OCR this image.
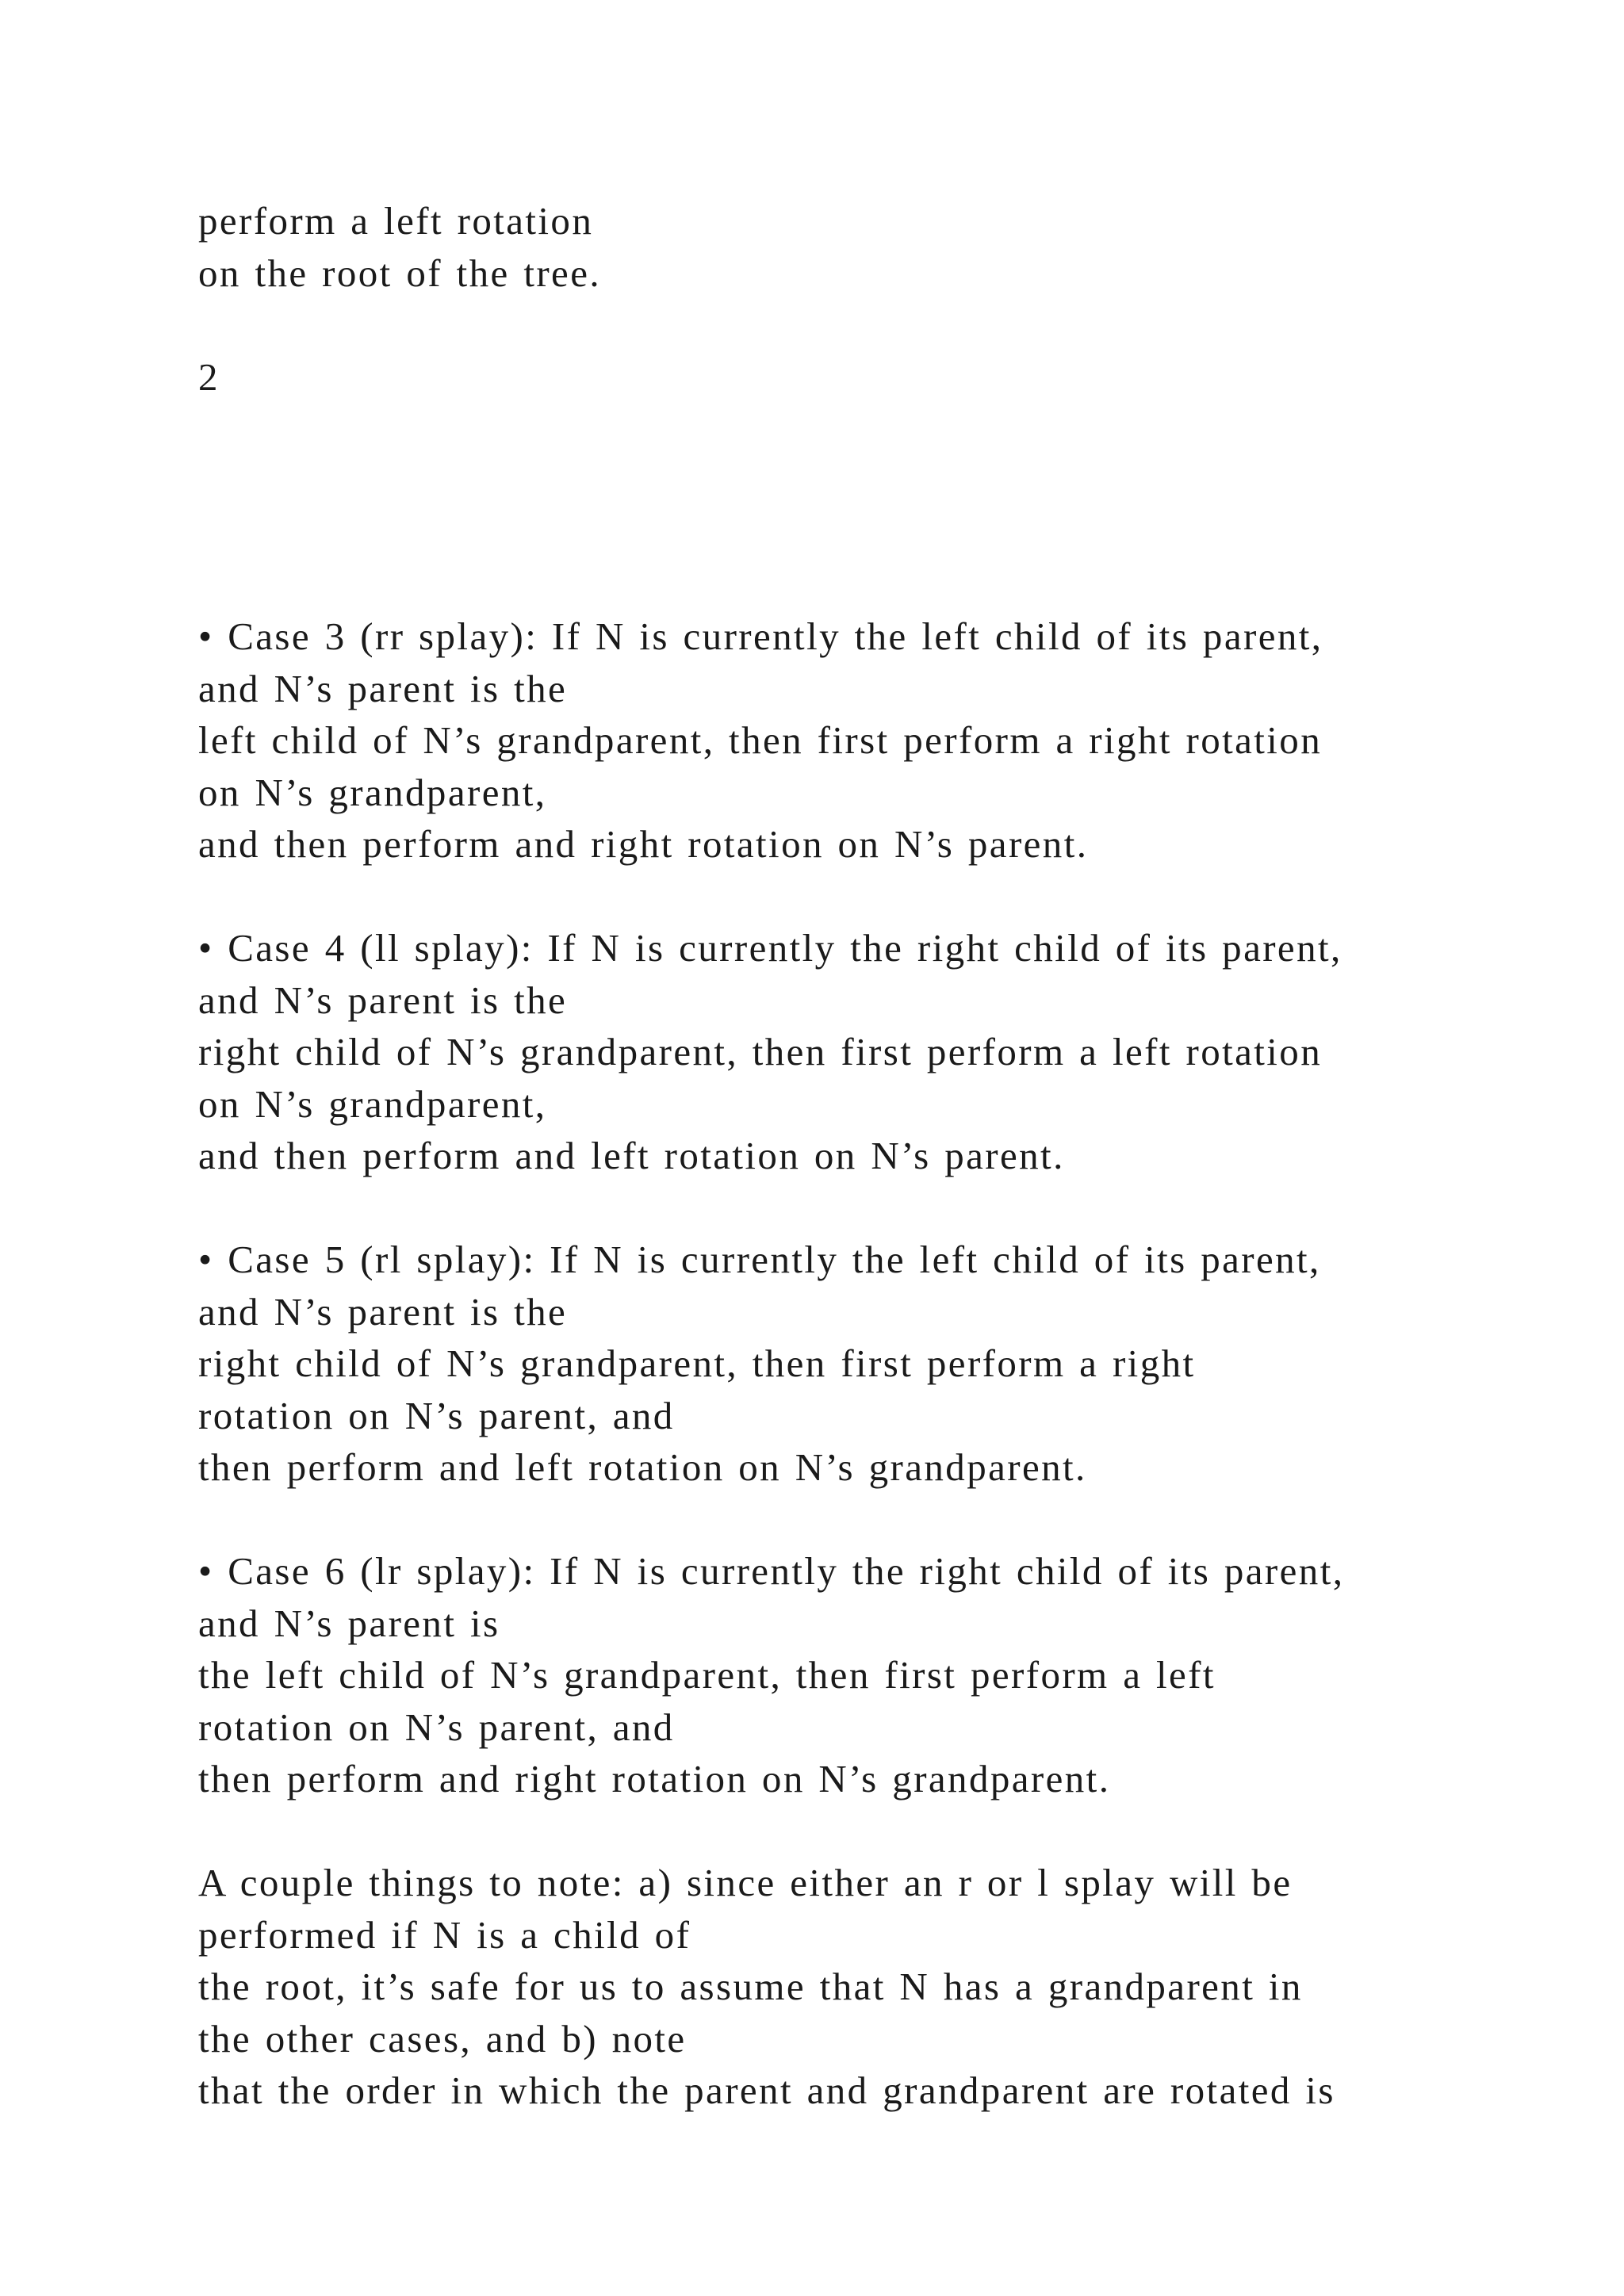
perform a left rotation
on the root of the tree.
2
• Case 3 (rr splay): If N is currently the left child of its parent,
and N’s parent is the
left child of N’s grandparent, then first perform a right rotation
on N’s grandparent,
and then perform and right rotation on N’s parent.
• Case 4 (ll splay): If N is currently the right child of its parent,
and N’s parent is the
right child of N’s grandparent, then first perform a left rotation
on N’s grandparent,
and then perform and left rotation on N’s parent.
• Case 5 (rl splay): If N is currently the left child of its parent,
and N’s parent is the
right child of N’s grandparent, then first perform a right
rotation on N’s parent, and
then perform and left rotation on N’s grandparent.
• Case 6 (lr splay): If N is currently the right child of its parent,
and N’s parent is
the left child of N’s grandparent, then first perform a left
rotation on N’s parent, and
then perform and right rotation on N’s grandparent.
A couple things to note: a) since either an r or l splay will be
performed if N is a child of
the root, it’s safe for us to assume that N has a grandparent in
the other cases, and b) note
that the order in which the parent and grandparent are rotated is
